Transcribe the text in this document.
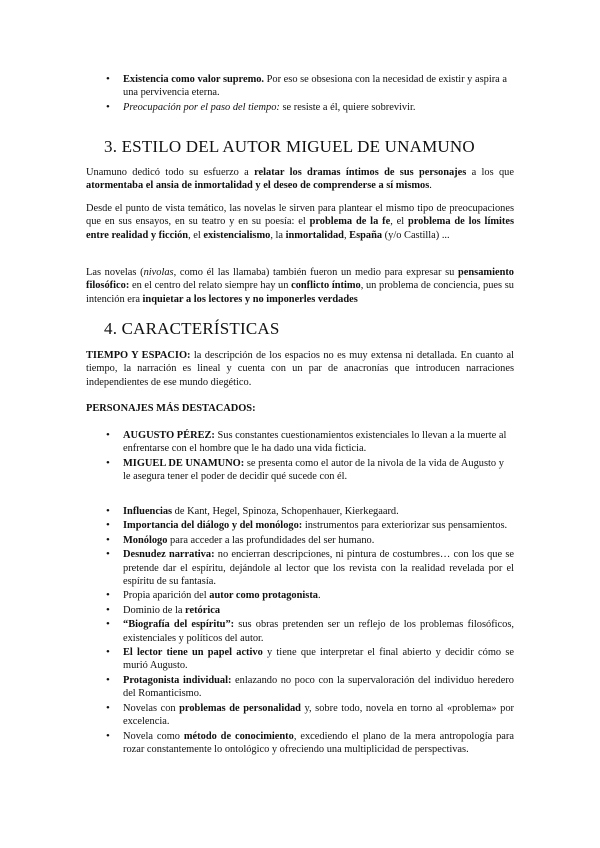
• Existencia como valor supremo. Por eso se obsesiona con la necesidad de existir y aspira a una pervivencia eterna.
• Preocupación por el paso del tiempo: se resiste a él, quiere sobrevivir.
3. ESTILO DEL AUTOR MIGUEL DE UNAMUNO

Unamuno dedicó todo su esfuerzo a relatar los dramas íntimos de sus personajes a los que atormentaba el ansia de inmortalidad y el deseo de comprenderse a sí mismos.

Desde el punto de vista temático, las novelas le sirven para plantear el mismo tipo de preocupaciones que en sus ensayos, en su teatro y en su poesía: el problema de la fe, el problema de los límites entre realidad y ficción, el existencialismo, la inmortalidad, España (y/o Castilla) ...

Las novelas (nivolas, como él las llamaba) también fueron un medio para expresar su pensamiento filosófico: en el centro del relato siempre hay un conflicto íntimo, un problema de conciencia, pues su intención era inquietar a los lectores y no imponerles verdades

4. CARACTERÍSTICAS

TIEMPO Y ESPACIO: la descripción de los espacios no es muy extensa ni detallada. En cuanto al tiempo, la narración es lineal y cuenta con un par de anacronías que introducen narraciones independientes de ese mundo diegético.

PERSONAJES MÁS DESTACADOS:

• AUGUSTO PÉREZ: Sus constantes cuestionamientos existenciales lo llevan a la muerte al enfrentarse con el hombre que le ha dado una vida ficticia.
• MIGUEL DE UNAMUNO: se presenta como el autor de la nivola de la vida de Augusto y le asegura tener el poder de decidir qué sucede con él.
• Influencias de Kant, Hegel, Spinoza, Schopenhauer, Kierkegaard.
• Importancia del diálogo y del monólogo: instrumentos para exteriorizar sus pensamientos.
• Monólogo para acceder a las profundidades del ser humano.
• Desnudez narrativa: no encierran descripciones, ni pintura de costumbres… con los que se pretende dar el espíritu, dejándole al lector que los revista con la realidad revelada por el espíritu de su fantasía.
• Propia aparición del autor como protagonista.
• Dominio de la retórica
• “Biografía del espíritu”: sus obras pretenden ser un reflejo de los problemas filosóficos, existenciales y políticos del autor.
• El lector tiene un papel activo y tiene que interpretar el final abierto y decidir cómo se murió Augusto.
• Protagonista individual: enlazando no poco con la supervaloración del individuo heredero del Romanticismo.
• Novelas con problemas de personalidad y, sobre todo, novela en torno al «problema» por excelencia.
• Novela como método de conocimiento, excediendo el plano de la mera antropología para rozar constantemente lo ontológico y ofreciendo una multiplicidad de perspectivas.
